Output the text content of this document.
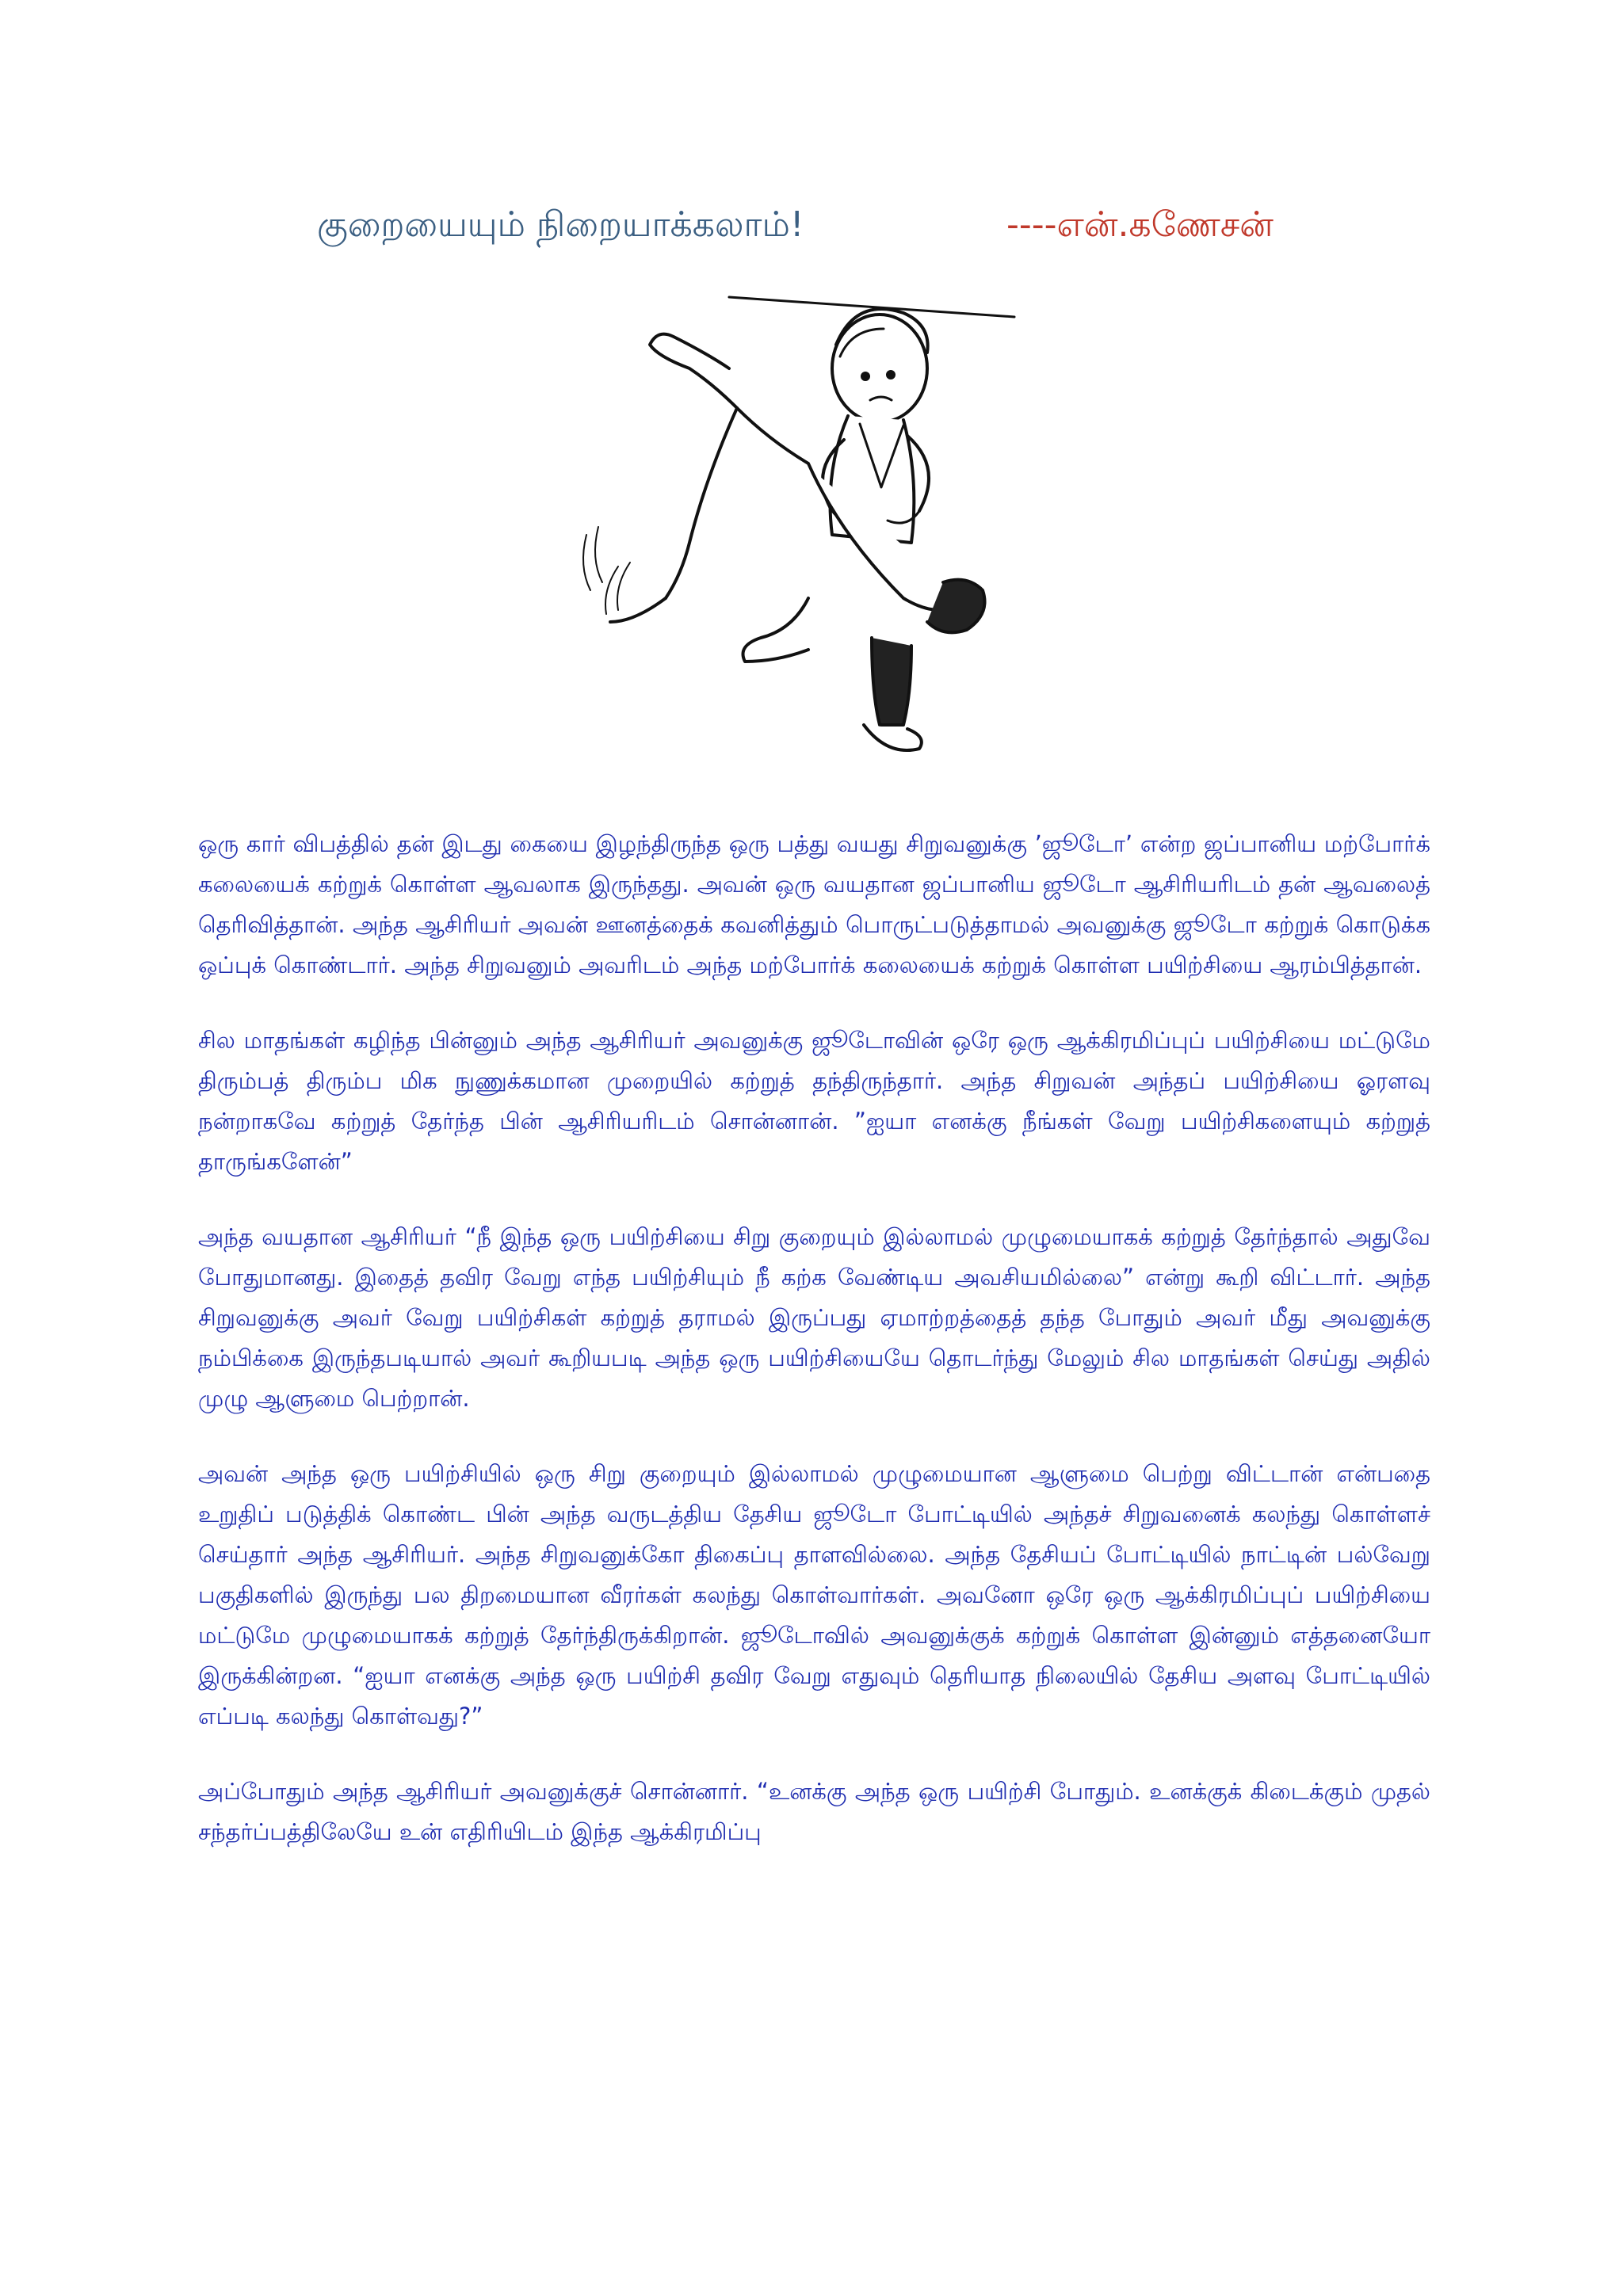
குறையையும் நிறையாக்கலாம்!	----என்.கணேசன்

ஒரு கார் விபத்தில் தன் இடது கையை இழந்திருந்த ஒரு பத்து வயது சிறுவனுக்கு ’ஜூடோ’ என்ற ஜப்பானிய மற்போர்க் கலையைக் கற்றுக் கொள்ள ஆவலாக இருந்தது. அவன் ஒரு வயதான ஜப்பானிய ஜூடோ ஆசிரியரிடம் தன் ஆவலைத் தெரிவித்தான். அந்த ஆசிரியர் அவன் ஊனத்தைக் கவனித்தும் பொருட்படுத்தாமல் அவனுக்கு ஜூடோ கற்றுக் கொடுக்க ஒப்புக் கொண்டார். அந்த சிறுவனும் அவரிடம் அந்த மற்போர்க் கலையைக் கற்றுக் கொள்ள பயிற்சியை ஆரம்பித்தான்.

சில மாதங்கள் கழிந்த பின்னும் அந்த ஆசிரியர் அவனுக்கு ஜூடோவின் ஒரே ஒரு ஆக்கிரமிப்புப் பயிற்சியை மட்டுமே திரும்பத் திரும்ப மிக நுணுக்கமான முறையில் கற்றுத் தந்திருந்தார். அந்த சிறுவன் அந்தப் பயிற்சியை ஓரளவு நன்றாகவே கற்றுத் தேர்ந்த பின் ஆசிரியரிடம் சொன்னான். ”ஐயா எனக்கு நீங்கள் வேறு பயிற்சிகளையும் கற்றுத் தாருங்களேன்”

அந்த வயதான ஆசிரியர் “நீ இந்த ஒரு பயிற்சியை சிறு குறையும் இல்லாமல் முழுமையாகக் கற்றுத் தேர்ந்தால் அதுவே போதுமானது. இதைத் தவிர வேறு எந்த பயிற்சியும் நீ கற்க வேண்டிய அவசியமில்லை” என்று கூறி விட்டார். அந்த சிறுவனுக்கு அவர் வேறு பயிற்சிகள் கற்றுத் தராமல் இருப்பது ஏமாற்றத்தைத் தந்த போதும் அவர் மீது அவனுக்கு நம்பிக்கை இருந்தபடியால் அவர் கூறியபடி அந்த ஒரு பயிற்சியையே தொடர்ந்து மேலும் சில மாதங்கள் செய்து அதில் முழு ஆளுமை பெற்றான்.

அவன் அந்த ஒரு பயிற்சியில் ஒரு சிறு குறையும் இல்லாமல் முழுமையான ஆளுமை பெற்று விட்டான் என்பதை உறுதிப் படுத்திக் கொண்ட பின் அந்த வருடத்திய தேசிய ஜூடோ போட்டியில் அந்தச் சிறுவனைக் கலந்து கொள்ளச் செய்தார் அந்த ஆசிரியர். அந்த சிறுவனுக்கோ திகைப்பு தாளவில்லை. அந்த தேசியப் போட்டியில் நாட்டின் பல்வேறு பகுதிகளில் இருந்து பல திறமையான வீரர்கள் கலந்து கொள்வார்கள். அவனோ ஒரே ஒரு ஆக்கிரமிப்புப் பயிற்சியை மட்டுமே முழுமையாகக் கற்றுத் தேர்ந்திருக்கிறான். ஜூடோவில் அவனுக்குக் கற்றுக் கொள்ள இன்னும் எத்தனையோ இருக்கின்றன. “ஐயா எனக்கு அந்த ஒரு பயிற்சி தவிர வேறு எதுவும் தெரியாத நிலையில் தேசிய அளவு போட்டியில் எப்படி கலந்து கொள்வது?”

அப்போதும் அந்த ஆசிரியர் அவனுக்குச் சொன்னார். “உனக்கு அந்த ஒரு பயிற்சி போதும். உனக்குக் கிடைக்கும் முதல் சந்தர்ப்பத்திலேயே உன் எதிரியிடம் இந்த ஆக்கிரமிப்பு
